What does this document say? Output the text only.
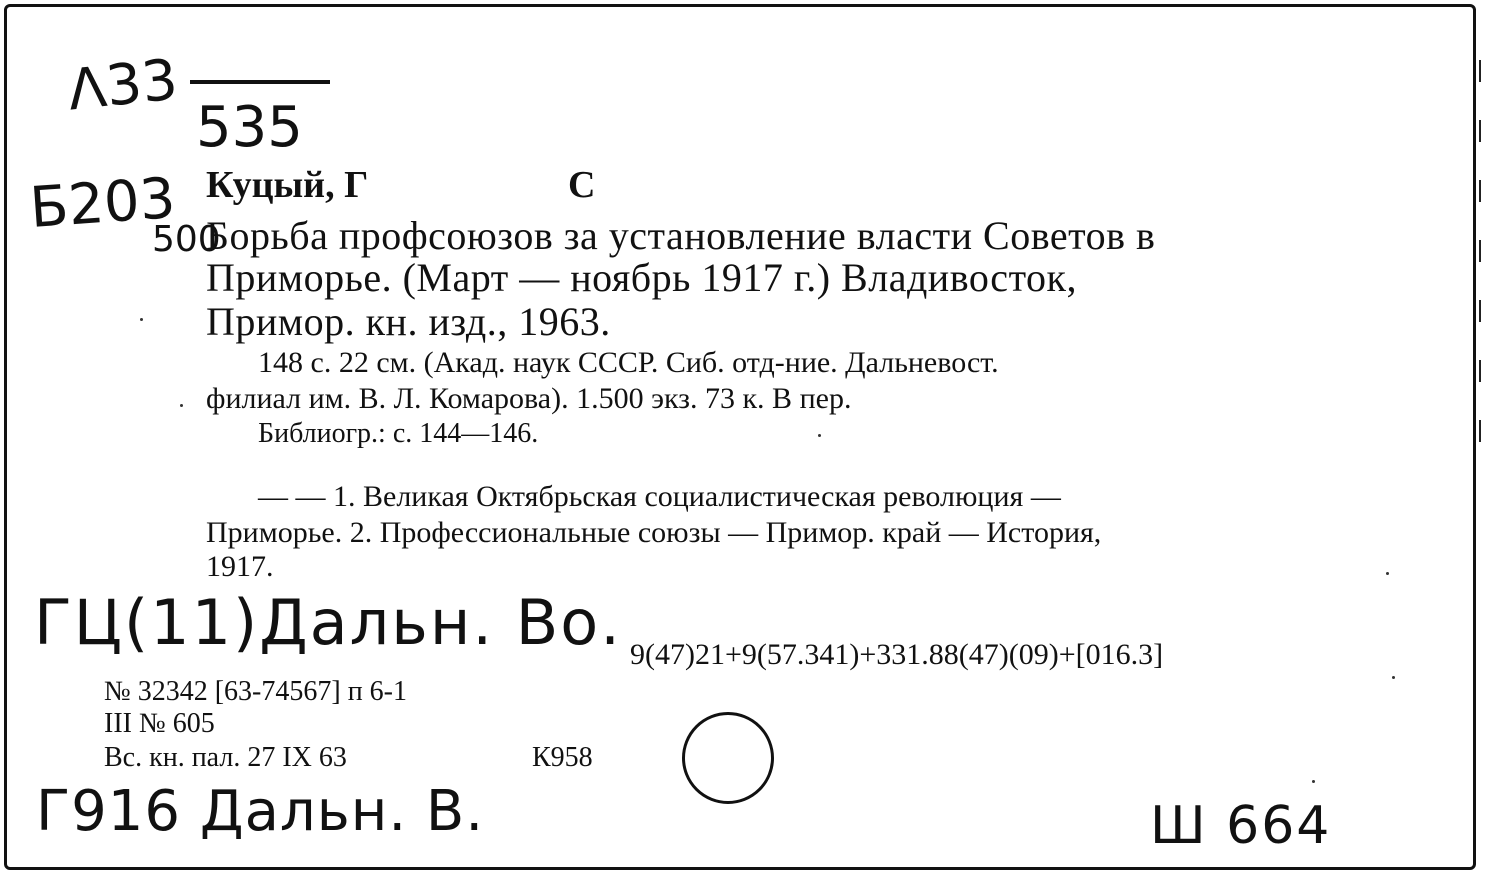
Λ33
535
Б203
500
Куцый, Г	С
Борьба профсоюзов за установление власти Советов в
Приморье. (Март — ноябрь 1917 г.) Владивосток,
Примор. кн. изд., 1963.
148 с. 22 см. (Акад. наук СССР. Сиб. отд-ние. Дальневост.
филиал им. В. Л. Комарова). 1.500 экз. 73 к. В пер.
Библиогр.: с. 144—146.
— — 1. Великая Октябрьская социалистическая революция —
Приморье. 2. Профессиональные союзы — Примор. край — История,
1917.
ГЦ(11)Дальн. Во. 9(47)21+9(57.341)+331.88(47)(09)+[016.3]
№ 32342 [63-74567] п 6-1
III № 605
Вс. кн. пал. 27 IX 63	К958
Г916 Дальн. В.	Ш 664
